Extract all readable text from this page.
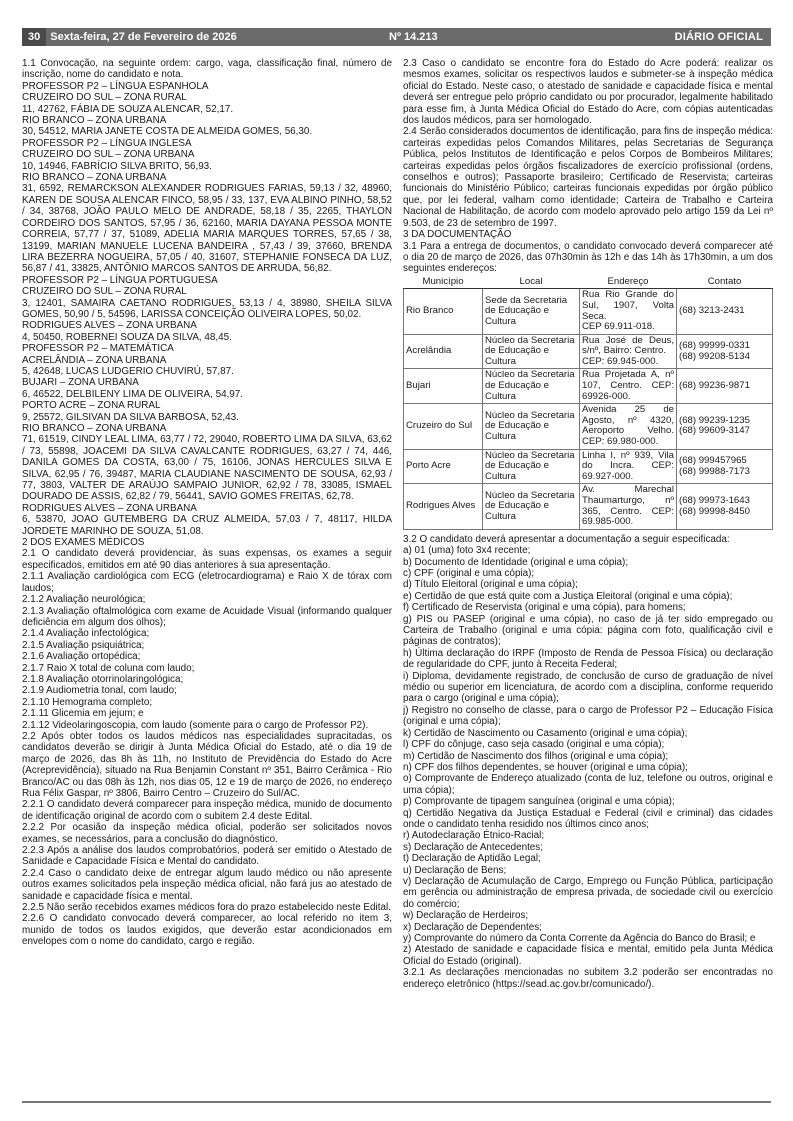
30 Sexta-feira, 27 de Fevereiro de 2026	Nº 14.213	DIÁRIO OFICIAL

1.1 Convocação, na seguinte ordem: cargo, vaga, classificação final, número de inscrição, nome do candidato e nota.

PROFESSOR P2 – LÍNGUA ESPANHOLA

CRUZEIRO DO SUL – ZONA RURAL

11, 42762, FÁBIA DE SOUZA ALENCAR, 52,17.

RIO BRANCO – ZONA URBANA

30, 54512, MARIA JANETE COSTA DE ALMEIDA GOMES, 56,30.

PROFESSOR P2 – LÍNGUA INGLESA

CRUZEIRO DO SUL – ZONA URBANA

10, 14946, FABRÍCIO SILVA BRITO, 56,93.

RIO BRANCO – ZONA URBANA

31, 6592, REMARCKSON ALEXANDER RODRIGUES FARIAS, 59,13 / 32, 48960, KAREN DE SOUSA ALENCAR FINCO, 58,95 / 33, 137, EVA ALBINO PINHO, 58,52 / 34, 38768, JOÃO PAULO MELO DE ANDRADE, 58,18 / 35, 2265, THAYLON CORDEIRO DOS SANTOS, 57,95 / 36, 62160, MARIA DAYANA PESSOA MONTE CORREIA, 57,77 / 37, 51089, ADELIA MARIA MARQUES TORRES, 57,65 / 38, 13199, MARIAN MANUELE LUCENA BANDEIRA , 57,43 / 39, 37660, BRENDA LIRA BEZERRA NOGUEIRA, 57,05 / 40, 31607, STEPHANIE FONSECA DA LUZ, 56,87 / 41, 33825, ANTÔNIO MARCOS SANTOS DE ARRUDA, 56,82.

PROFESSOR P2 – LÍNGUA PORTUGUESA

CRUZEIRO DO SUL – ZONA RURAL

3, 12401, SAMAIRA CAETANO RODRIGUES, 53,13 / 4, 38980, SHEILA SILVA GOMES, 50,90 / 5, 54596, LARISSA CONCEIÇÃO OLIVEIRA LOPES, 50,02.

RODRIGUES ALVES – ZONA URBANA

4, 50450, ROBERNEI SOUZA DA SILVA, 48,45.

PROFESSOR P2 – MATEMÁTICA

ACRELÂNDIA – ZONA URBANA

5, 42648, LUCAS LUDGERIO CHUVIRÚ, 57,87.

BUJARI – ZONA URBANA

6, 46522, DELBILENY LIMA DE OLIVEIRA, 54,97.

PORTO ACRE – ZONA RURAL

9, 25572, GILSIVAN DA SILVA BARBOSA, 52,43.

RIO BRANCO – ZONA URBANA

71, 61519, CINDY LEAL LIMA, 63,77 / 72, 29040, ROBERTO LIMA DA SILVA, 63,62 / 73, 55898, JOACEMI DA SILVA CAVALCANTE RODRIGUES, 63,27 / 74, 446, DANILA GOMES DA COSTA, 63,00 / 75, 16106, JONAS HERCULES SILVA E SILVA, 62,95 / 76, 39487, MARIA CLAUDIANE NASCIMENTO DE SOUSA, 62,93 / 77, 3803, VALTER DE ARAÚJO SAMPAIO JUNIOR, 62,92 / 78, 33085, ISMAEL DOURADO DE ASSIS, 62,82 / 79, 56441, SAVIO GOMES FREITAS, 62,78.

RODRIGUES ALVES – ZONA URBANA

6, 53870, JOAO GUTEMBERG DA CRUZ ALMEIDA, 57,03 / 7, 48117, HILDA JORDETE MARINHO DE SOUZA, 51,08.

2 DOS EXAMES MÉDICOS

2.1 O candidato deverá providenciar, às suas expensas, os exames a seguir especificados, emitidos em até 90 dias anteriores à sua apresentação.

2.1.1 Avaliação cardiológica com ECG (eletrocardiograma) e Raio X de tórax com laudos;

2.1.2 Avaliação neurológica;

2.1.3 Avaliação oftalmológica com exame de Acuidade Visual (informando qualquer deficiência em algum dos olhos);

2.1.4 Avaliação infectológica;

2.1.5 Avaliação psiquiátrica;

2.1.6 Avaliação ortopédica;

2.1.7 Raio X total de coluna com laudo;

2.1.8 Avaliação otorrinolaringológica;

2.1.9 Audiometria tonal, com laudo;

2.1.10 Hemograma completo;

2.1.11 Glicemia em jejum; e

2.1.12 Videolaringoscopia, com laudo (somente para o cargo de Professor P2).

2.2 Após obter todos os laudos médicos nas especialidades supracitadas, os candidatos deverão se dirigir à Junta Médica Oficial do Estado, até o dia 19 de março de 2026, das 8h às 11h, no Instituto de Previdência do Estado do Acre (Acreprevidência), situado na Rua Benjamin Constant nº 351, Bairro Cerâmica - Rio Branco/AC ou das 08h às 12h, nos dias 05, 12 e 19 de março de 2026, no endereço Rua Félix Gaspar, nº 3806, Bairro Centro – Cruzeiro do Sul/AC.

2.2.1 O candidato deverá comparecer para inspeção médica, munido de documento de identificação original de acordo com o subitem 2.4 deste Edital.

2.2.2 Por ocasião da inspeção médica oficial, poderão ser solicitados novos exames, se necessários, para a conclusão do diagnóstico.

2.2.3 Após a análise dos laudos comprobatórios, poderá ser emitido o Atestado de Sanidade e Capacidade Física e Mental do candidato.

2.2.4 Caso o candidato deixe de entregar algum laudo médico ou não apresente outros exames solicitados pela inspeção médica oficial, não fará jus ao atestado de sanidade e capacidade física e mental.

2.2.5 Não serão recebidos exames médicos fora do prazo estabelecido neste Edital.

2.2.6 O candidato convocado deverá comparecer, ao local referido no item 3, munido de todos os laudos exigidos, que deverão estar acondicionados em envelopes com o nome do candidato, cargo e região.

2.3 Caso o candidato se encontre fora do Estado do Acre poderá: realizar os mesmos exames, solicitar os respectivos laudos e submeter-se à inspeção médica oficial do Estado. Neste caso, o atestado de sanidade e capacidade física e mental deverá ser entregue pelo próprio candidato ou por procurador, legalmente habilitado para esse fim, à Junta Médica Oficial do Estado do Acre, com cópias autenticadas dos laudos médicos, para ser homologado.

2.4 Serão considerados documentos de identificação, para fins de inspeção médica: carteiras expedidas pelos Comandos Militares, pelas Secretarias de Segurança Pública, pelos Institutos de Identificação e pelos Corpos de Bombeiros Militares; carteiras expedidas pelos órgãos fiscalizadores de exercício profissional (ordens, conselhos e outros); Passaporte brasileiro; Certificado de Reservista; carteiras funcionais do Ministério Público; carteiras funcionais expedidas por órgão público que, por lei federal, valham como identidade; Carteira de Trabalho e Carteira Nacional de Habilitação, de acordo com modelo aprovado pelo artigo 159 da Lei nº 9.503, de 23 de setembro de 1997.

3 DA DOCUMENTAÇÃO

3.1 Para a entrega de documentos, o candidato convocado deverá comparecer até o dia 20 de março de 2026, das 07h30min às 12h e das 14h às 17h30min, a um dos seguintes endereços:

Município	Local	Endereço	Contato
Rio Branco	Sede da Secretaria de Educação e Cultura	Rua Rio Grande do Sul, 1907, Volta Seca.
CEP 69.911-018.	(68) 3213-2431

Acrelândia	Núcleo da Secretaria de Educação e Cultura	Rua José de Deus, s/nº, Bairro: Centro.
CEP: 69.945-000.	(68) 99999-0331
(68) 99208-5134

Bujari	Núcleo da Secretaria de Educação e Cultura	Rua Projetada A, nº 107, Centro. CEP: 69926-000.	(68) 99236-9871

Cruzeiro do Sul	Núcleo da Secretaria de Educação e Cultura	Avenida 25 de Agosto, nº 4320, Aeroporto Velho. CEP: 69.980-000.	(68) 99239-1235
(68) 99609-3147

Porto Acre	Núcleo da Secretaria de Educação e Cultura	Linha I, nº 939, Vila do Incra. CEP: 69.927-000.	(68) 999457965
(68) 99988-7173

Rodrigues Alves	Núcleo da Secretaria de Educação e Cultura	Av. Marechal Thaumarturgo, nº 365, Centro. CEP: 69.985-000.	(68) 99973-1643
(68) 99998-8450

3.2 O candidato deverá apresentar a documentação a seguir especificada:

a) 01 (uma) foto 3x4 recente;

b) Documento de Identidade (original e uma cópia);

c) CPF (original e uma cópia);

d) Título Eleitoral (original e uma cópia);

e) Certidão de que está quite com a Justiça Eleitoral (original e uma cópia);

f) Certificado de Reservista (original e uma cópia), para homens;

g) PIS ou PASEP (original e uma cópia), no caso de já ter sido empregado ou Carteira de Trabalho (original e uma cópia: página com foto, qualificação civil e páginas de contratos);

h) Última declaração do IRPF (Imposto de Renda de Pessoa Física) ou declaração de regularidade do CPF, junto à Receita Federal;

i) Diploma, devidamente registrado, de conclusão de curso de graduação de nível médio ou superior em licenciatura, de acordo com a disciplina, conforme requerido para o cargo (original e uma cópia);

j) Registro no conselho de classe, para o cargo de Professor P2 – Educação Física (original e uma cópia);

k) Certidão de Nascimento ou Casamento (original e uma cópia);

l) CPF do cônjuge, caso seja casado (original e uma cópia);

m) Certidão de Nascimento dos filhos (original e uma cópia);

n) CPF dos filhos dependentes, se houver (original e uma cópia);

o) Comprovante de Endereço atualizado (conta de luz, telefone ou outros, original e uma cópia);

p) Comprovante de tipagem sanguínea (original e uma cópia);

q) Certidão Negativa da Justiça Estadual e Federal (civil e criminal) das cidades onde o candidato tenha residido nos últimos cinco anos;

r) Autodeclaração Étnico-Racial;

s) Declaração de Antecedentes;

t) Declaração de Aptidão Legal;

u) Declaração de Bens;

v) Declaração de Acumulação de Cargo, Emprego ou Função Pública, participação em gerência ou administração de empresa privada, de sociedade civil ou exercício do comércio;

w) Declaração de Herdeiros;

x) Declaração de Dependentes;

y) Comprovante do número da Conta Corrente da Agência do Banco do Brasil; e

z) Atestado de sanidade e capacidade física e mental, emitido pela Junta Médica Oficial do Estado (original).

3.2.1 As declarações mencionadas no subitem 3.2 poderão ser encontradas no endereço eletrônico (https://sead.ac.gov.br/comunicado/).
